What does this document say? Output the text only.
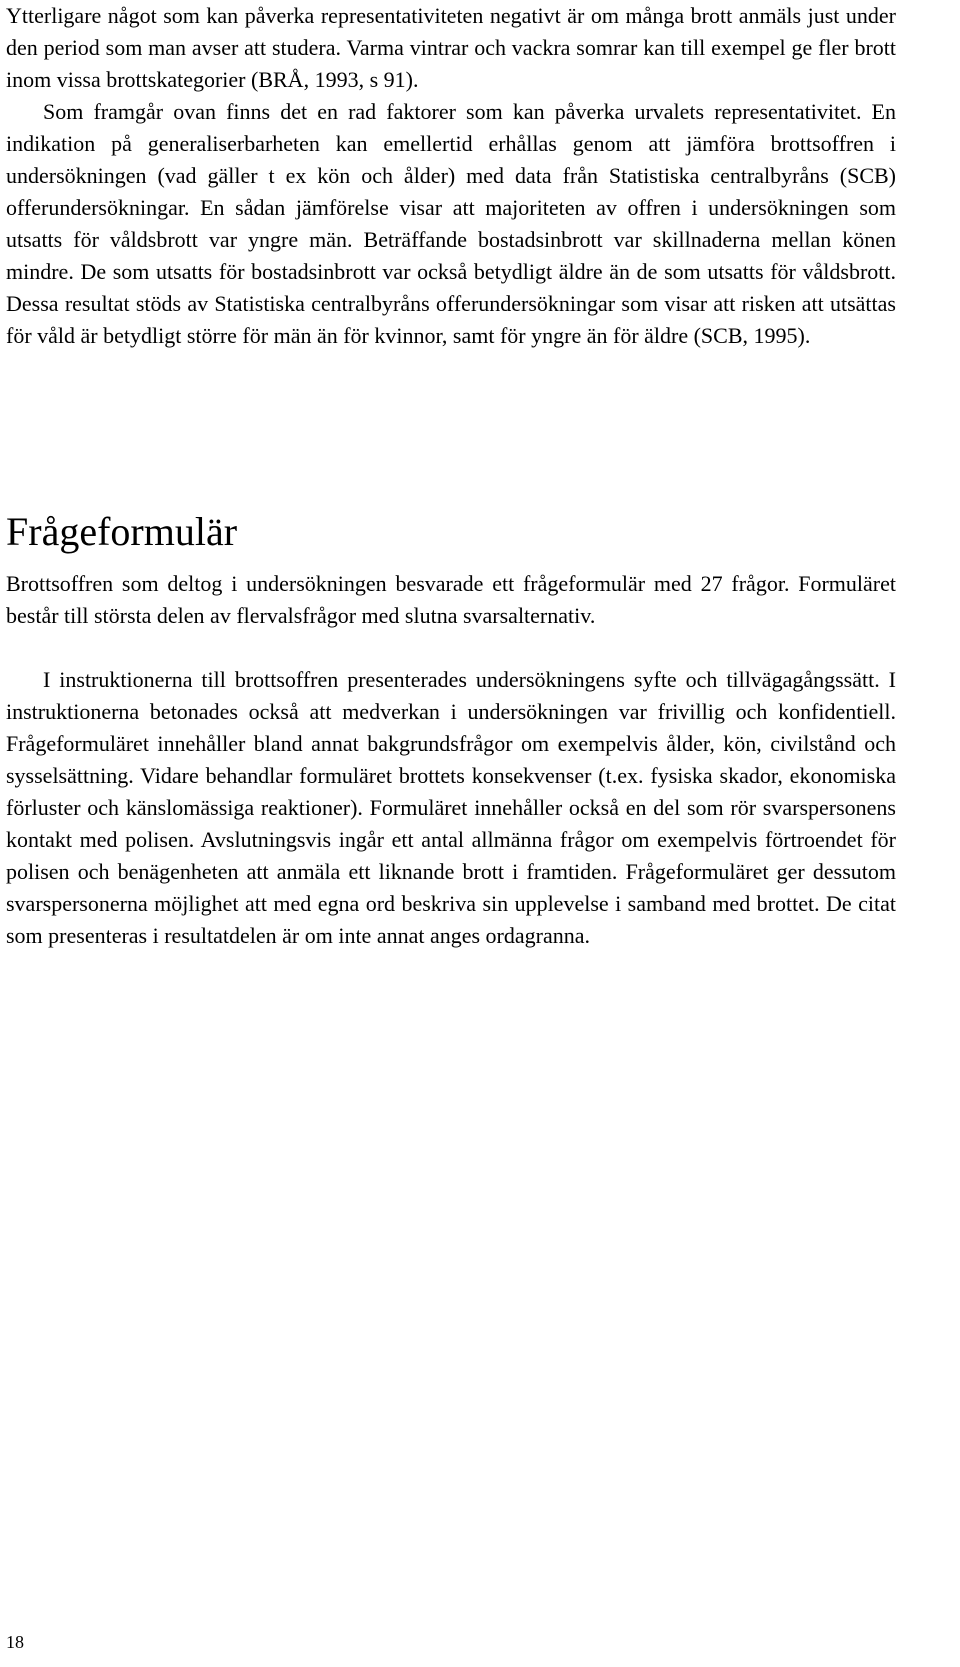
Ytterligare något som kan påverka representativiteten negativt är om många brott anmäls just under den period som man avser att studera. Varma vintrar och vackra somrar kan till exempel ge fler brott inom vissa brottskategorier (BRÅ, 1993, s 91).

Som framgår ovan finns det en rad faktorer som kan påverka urvalets representativitet. En indikation på generaliserbarheten kan emellertid erhållas genom att jämföra brottsoffren i undersökningen (vad gäller t ex kön och ålder) med data från Statistiska centralbyråns (SCB) offerundersökningar. En sådan jämförelse visar att majoriteten av offren i undersökningen som utsatts för våldsbrott var yngre män. Beträffande bostadsinbrott var skillnaderna mellan könen mindre. De som utsatts för bostadsinbrott var också betydligt äldre än de som utsatts för våldsbrott. Dessa resultat stöds av Statistiska centralbyråns offerundersökningar som visar att risken att utsättas för våld är betydligt större för män än för kvinnor, samt för yngre än för äldre (SCB, 1995).

Frågeformulär

Brottsoffren som deltog i undersökningen besvarade ett frågeformulär med 27 frågor. Formuläret består till största delen av flervalsfrågor med slutna svarsalternativ.

I instruktionerna till brottsoffren presenterades undersökningens syfte och tillvägagångssätt. I instruktionerna betonades också att medverkan i undersökningen var frivillig och konfidentiell. Frågeformuläret innehåller bland annat bakgrundsfrågor om exempelvis ålder, kön, civilstånd och sysselsättning. Vidare behandlar formuläret brottets konsekvenser (t.ex. fysiska skador, ekonomiska förluster och känslomässiga reaktioner). Formuläret innehåller också en del som rör svarspersonens kontakt med polisen. Avslutningsvis ingår ett antal allmänna frågor om exempelvis förtroendet för polisen och benägenheten att anmäla ett liknande brott i framtiden. Frågeformuläret ger dessutom svarspersonerna möjlighet att med egna ord beskriva sin upplevelse i samband med brottet. De citat som presenteras i resultatdelen är om inte annat anges ordagranna.

18
